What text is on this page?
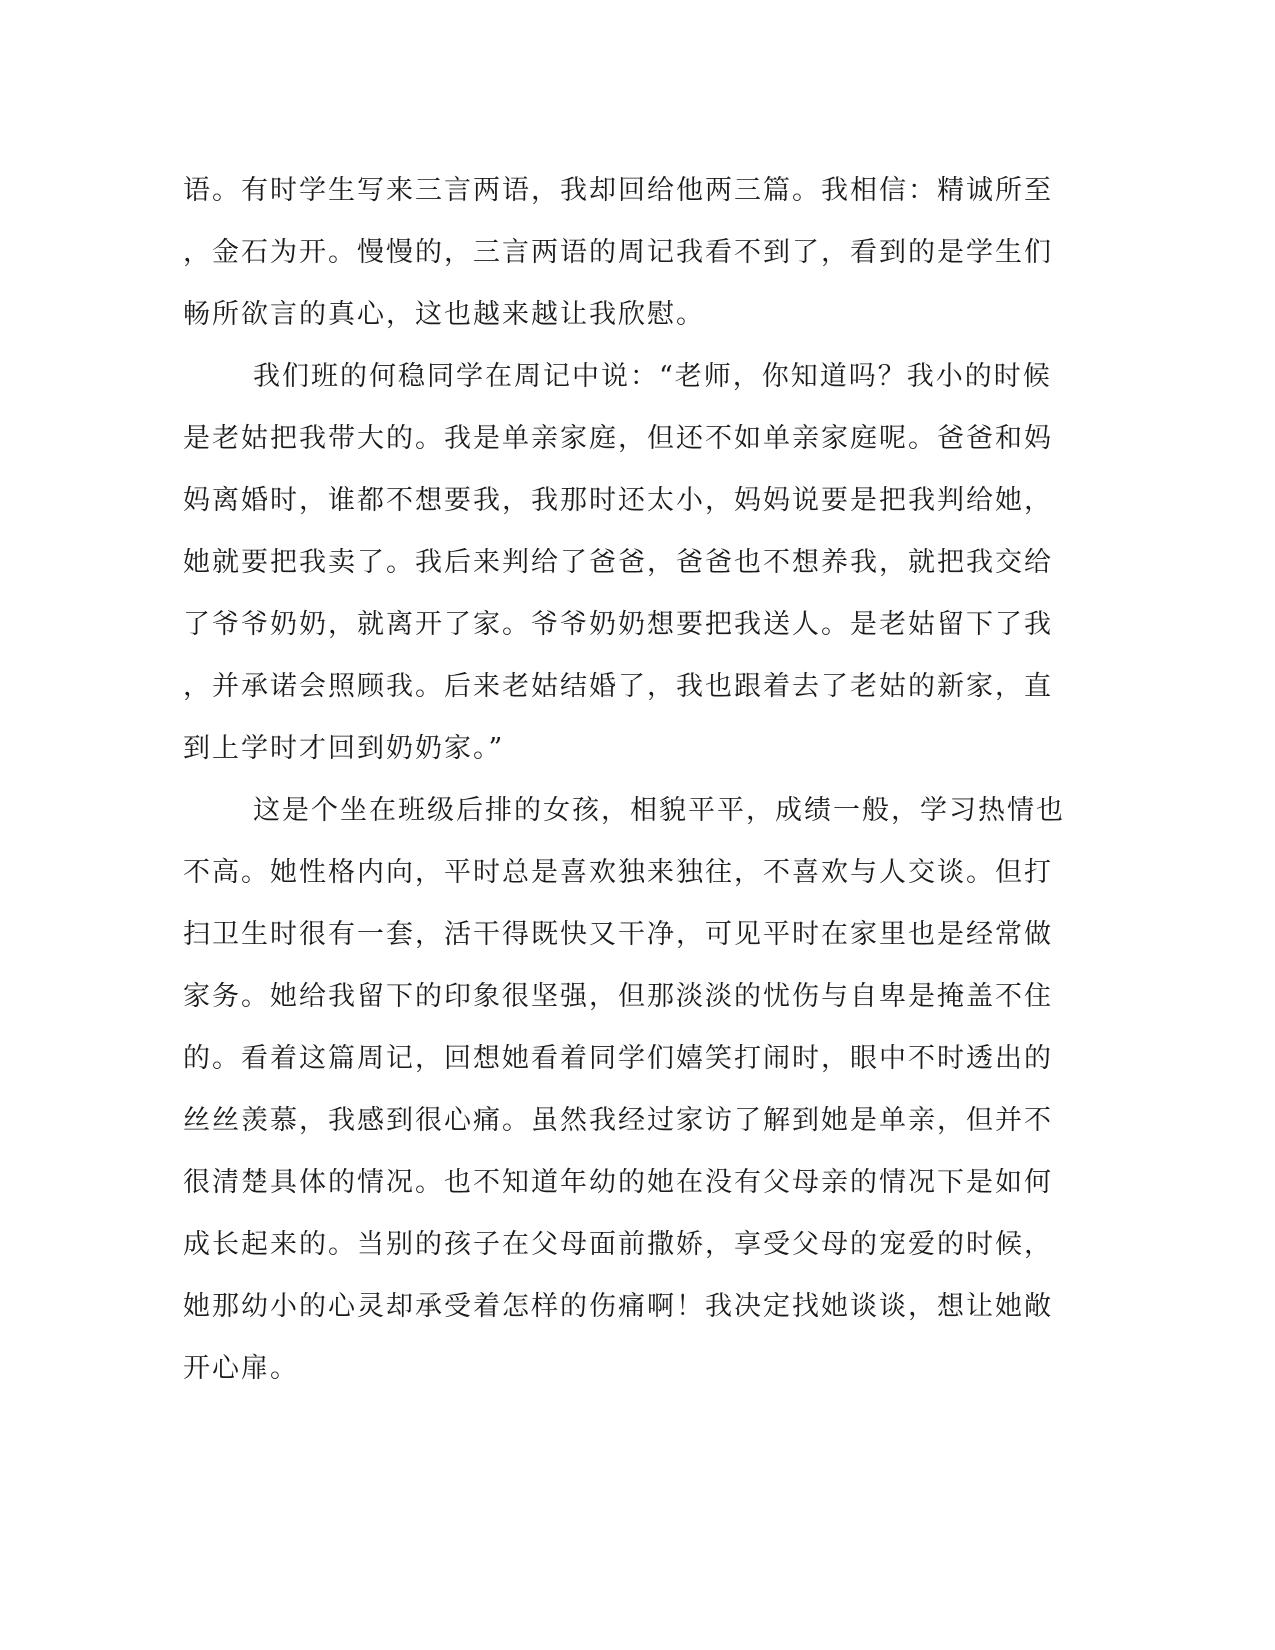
语。有时学生写来三言两语，我却回给他两三篇。我相信：精诚所至
，金石为开。慢慢的，三言两语的周记我看不到了，看到的是学生们
畅所欲言的真心，这也越来越让我欣慰。
我们班的何稳同学在周记中说：“老师，你知道吗？我小的时候
是老姑把我带大的。我是单亲家庭，但还不如单亲家庭呢。爸爸和妈
妈离婚时，谁都不想要我，我那时还太小，妈妈说要是把我判给她，
她就要把我卖了。我后来判给了爸爸，爸爸也不想养我，就把我交给
了爷爷奶奶，就离开了家。爷爷奶奶想要把我送人。是老姑留下了我
，并承诺会照顾我。后来老姑结婚了，我也跟着去了老姑的新家，直
到上学时才回到奶奶家。”
这是个坐在班级后排的女孩，相貌平平，成绩一般，学习热情也
不高。她性格内向，平时总是喜欢独来独往，不喜欢与人交谈。但打
扫卫生时很有一套，活干得既快又干净，可见平时在家里也是经常做
家务。她给我留下的印象很坚强，但那淡淡的忧伤与自卑是掩盖不住
的。看着这篇周记，回想她看着同学们嬉笑打闹时，眼中不时透出的
丝丝羡慕，我感到很心痛。虽然我经过家访了解到她是单亲，但并不
很清楚具体的情况。也不知道年幼的她在没有父母亲的情况下是如何
成长起来的。当别的孩子在父母面前撒娇，享受父母的宠爱的时候，
她那幼小的心灵却承受着怎样的伤痛啊！我决定找她谈谈，想让她敞
开心扉。
